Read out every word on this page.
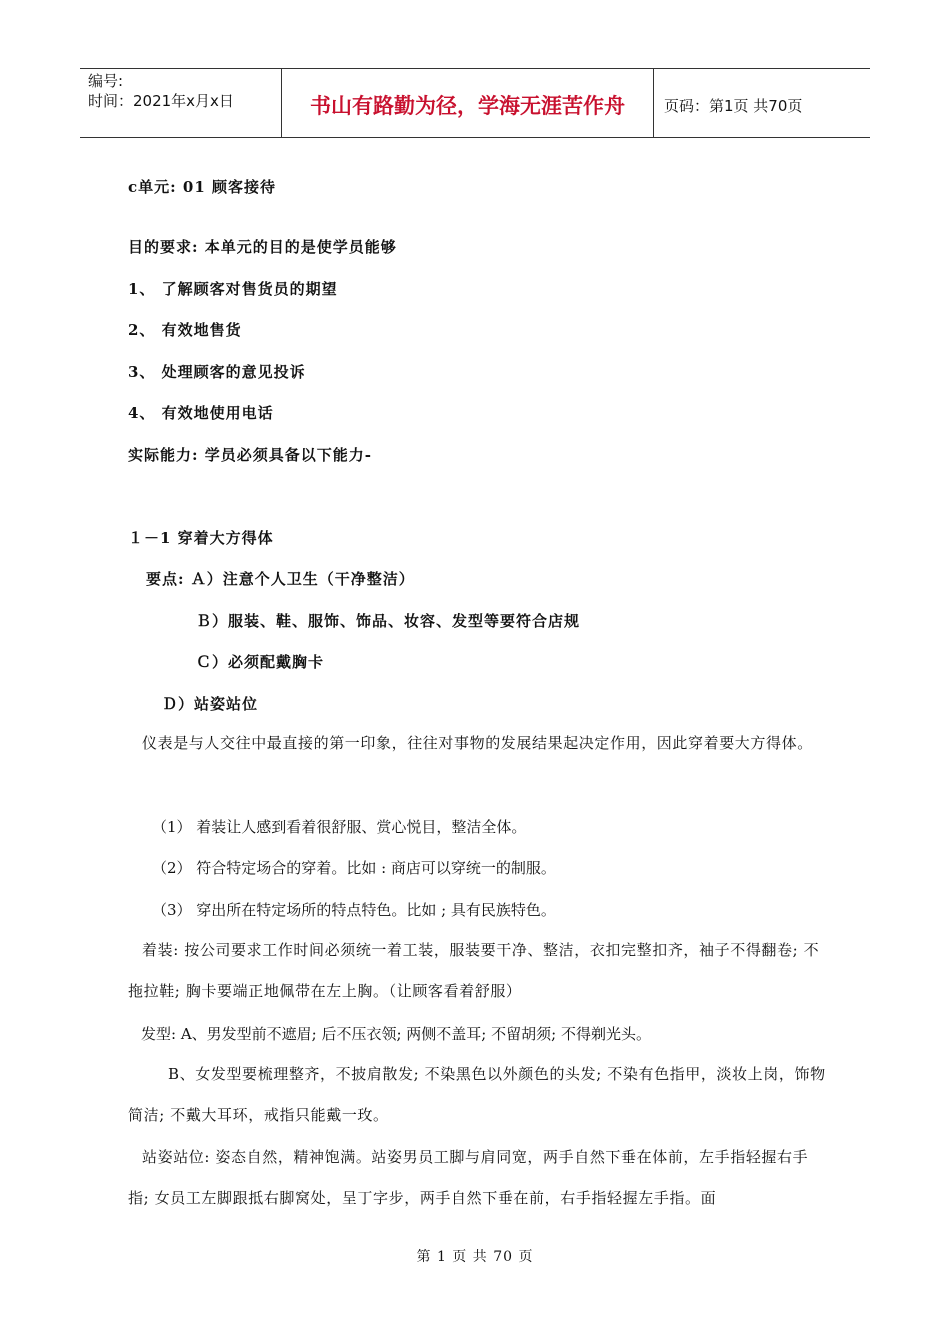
编号:
时间：2021年x月x日	书山有路勤为径，学海无涯苦作舟	页码：第1页 共70页
c单元: 01 顾客接待
目的要求: 本单元的目的是使学员能够
1、 了解顾客对售货员的期望
2、 有效地售货
3、 处理顾客的意见投诉
4、 有效地使用电话
实际能力: 学员必须具备以下能力-
１－1 穿着大方得体
要点: Ａ）注意个人卫生（干净整洁）
Ｂ）服装、鞋、服饰、饰品、妆容、发型等要符合店规
Ｃ）必须配戴胸卡
Ｄ）站姿站位
仪表是与人交往中最直接的第一印象，往往对事物的发展结果起决定作用，因此穿着要大方得体。
（1） 着装让人感到看着很舒服、赏心悦目，整洁全体。
（2） 符合特定场合的穿着。比如 : 商店可以穿统一的制服。
（3） 穿出所在特定场所的特点特色。比如 ; 具有民族特色。
着装: 按公司要求工作时间必须统一着工装，服装要干净、整洁，衣扣完整扣齐，袖子不得翻卷; 不拖拉鞋; 胸卡要端正地佩带在左上胸。（让顾客看着舒服）
发型: A、男发型前不遮眉; 后不压衣领; 两侧不盖耳; 不留胡须; 不得剃光头。
B、女发型要梳理整齐，不披肩散发; 不染黑色以外颜色的头发; 不染有色指甲，淡妆上岗，饰物简洁; 不戴大耳环，戒指只能戴一玫。
站姿站位: 姿态自然，精神饱满。站姿男员工脚与肩同宽，两手自然下垂在体前，左手指轻握右手指; 女员工左脚跟抵右脚窝处，呈丁字步，两手自然下垂在前，右手指轻握左手指。面
第 1 页 共 70 页
